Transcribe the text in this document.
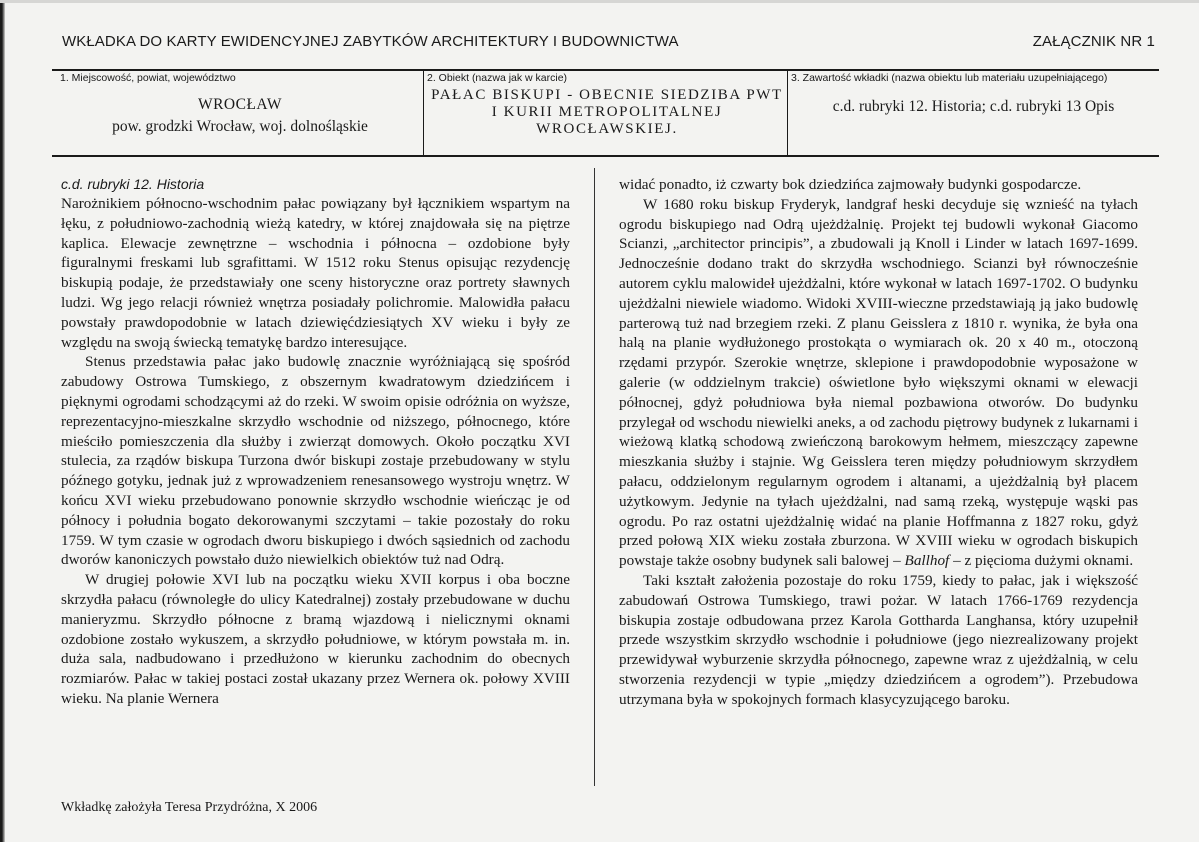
WKŁADKA DO KARTY EWIDENCYJNEJ ZABYTKÓW ARCHITEKTURY I BUDOWNICTWA	ZAŁĄCZNIK NR 1
1. Miejscowość, powiat, województwo
WROCŁAW
pow. grodzki Wrocław, woj. dolnośląskie
2. Obiekt (nazwa jak w karcie)
PAŁAC BISKUPI - OBECNIE SIEDZIBA PWT I KURII METROPOLITALNEJ WROCŁAWSKIEJ.
3. Zawartość wkładki (nazwa obiektu lub materiału uzupełniającego)
c.d. rubryki 12. Historia; c.d. rubryki 13 Opis
c.d. rubryki 12. Historia

Narożnikiem północno-wschodnim pałac powiązany był łącznikiem wspartym na łęku, z południowo-zachodnią wieżą katedry, w której znajdowała się na piętrze kaplica. Elewacje zewnętrzne – wschodnia i północna – ozdobione były figuralnymi freskami lub sgrafittami. W 1512 roku Stenus opisując rezydencję biskupią podaje, że przedstawiały one sceny historyczne oraz portrety sławnych ludzi. Wg jego relacji również wnętrza posiadały polichromie. Malowidła pałacu powstały prawdopodobnie w latach dziewięćdziesiątych XV wieku i były ze względu na swoją świecką tematykę bardzo interesujące.

Stenus przedstawia pałac jako budowlę znacznie wyróżniającą się spośród zabudowy Ostrowa Tumskiego, z obszernym kwadratowym dziedzińcem i pięknymi ogrodami schodzącymi aż do rzeki. W swoim opisie odróżnia on wyższe, reprezentacyjno-mieszkalne skrzydło wschodnie od niższego, północnego, które mieściło pomieszczenia dla służby i zwierząt domowych. Około początku XVI stulecia, za rządów biskupa Turzona dwór biskupi zostaje przebudowany w stylu późnego gotyku, jednak już z wprowadzeniem renesansowego wystroju wnętrz. W końcu XVI wieku przebudowano ponownie skrzydło wschodnie wieńcząc je od północy i południa bogato dekorowanymi szczytami – takie pozostały do roku 1759. W tym czasie w ogrodach dworu biskupiego i dwóch sąsiednich od zachodu dworów kanoniczych powstało dużo niewielkich obiektów tuż nad Odrą.

W drugiej połowie XVI lub na początku wieku XVII korpus i oba boczne skrzydła pałacu (równoległe do ulicy Katedralnej) zostały przebudowane w duchu manieryzmu. Skrzydło północne z bramą wjazdową i nielicznymi oknami ozdobione zostało wykuszem, a skrzydło południowe, w którym powstała m. in. duża sala, nadbudowano i przedłużono w kierunku zachodnim do obecnych rozmiarów. Pałac w takiej postaci został ukazany przez Wernera ok. połowy XVIII wieku. Na planie Wernera

widać ponadto, iż czwarty bok dziedzińca zajmowały budynki gospodarcze.

W 1680 roku biskup Fryderyk, landgraf heski decyduje się wznieść na tyłach ogrodu biskupiego nad Odrą ujeżdżalnię. Projekt tej budowli wykonał Giacomo Scianzi, „architector principis”, a zbudowali ją Knoll i Linder w latach 1697-1699. Jednocześnie dodano trakt do skrzydła wschodniego. Scianzi był równocześnie autorem cyklu malowideł ujeżdżalni, które wykonał w latach 1697-1702. O budynku ujeżdżalni niewiele wiadomo. Widoki XVIII-wieczne przedstawiają ją jako budowlę parterową tuż nad brzegiem rzeki. Z planu Geisslera z 1810 r. wynika, że była ona halą na planie wydłużonego prostokąta o wymiarach ok. 20 x 40 m., otoczoną rzędami przypór. Szerokie wnętrze, sklepione i prawdopodobnie wyposażone w galerie (w oddzielnym trakcie) oświetlone było większymi oknami w elewacji północnej, gdyż południowa była niemal pozbawiona otworów. Do budynku przylegał od wschodu niewielki aneks, a od zachodu piętrowy budynek z lukarnami i wieżową klatką schodową zwieńczoną barokowym hełmem, mieszczący zapewne mieszkania służby i stajnie. Wg Geisslera teren między południowym skrzydłem pałacu, oddzielonym regularnym ogrodem i altanami, a ujeżdżalnią był placem użytkowym. Jedynie na tyłach ujeżdżalni, nad samą rzeką, występuje wąski pas ogrodu. Po raz ostatni ujeżdżalnię widać na planie Hoffmanna z 1827 roku, gdyż przed połową XIX wieku została zburzona. W XVIII wieku w ogrodach biskupich powstaje także osobny budynek sali balowej – Ballhof – z pięcioma dużymi oknami.

Taki kształt założenia pozostaje do roku 1759, kiedy to pałac, jak i większość zabudowań Ostrowa Tumskiego, trawi pożar. W latach 1766-1769 rezydencja biskupia zostaje odbudowana przez Karola Gottharda Langhansa, który uzupełnił przede wszystkim skrzydło wschodnie i południowe (jego niezrealizowany projekt przewidywał wyburzenie skrzydła północnego, zapewne wraz z ujeżdżalnią, w celu stworzenia rezydencji w typie „między dziedzińcem a ogrodem”). Przebudowa utrzymana była w spokojnych formach klasycyzującego baroku.

Wkładkę założyła Teresa Przydróżna, X 2006
